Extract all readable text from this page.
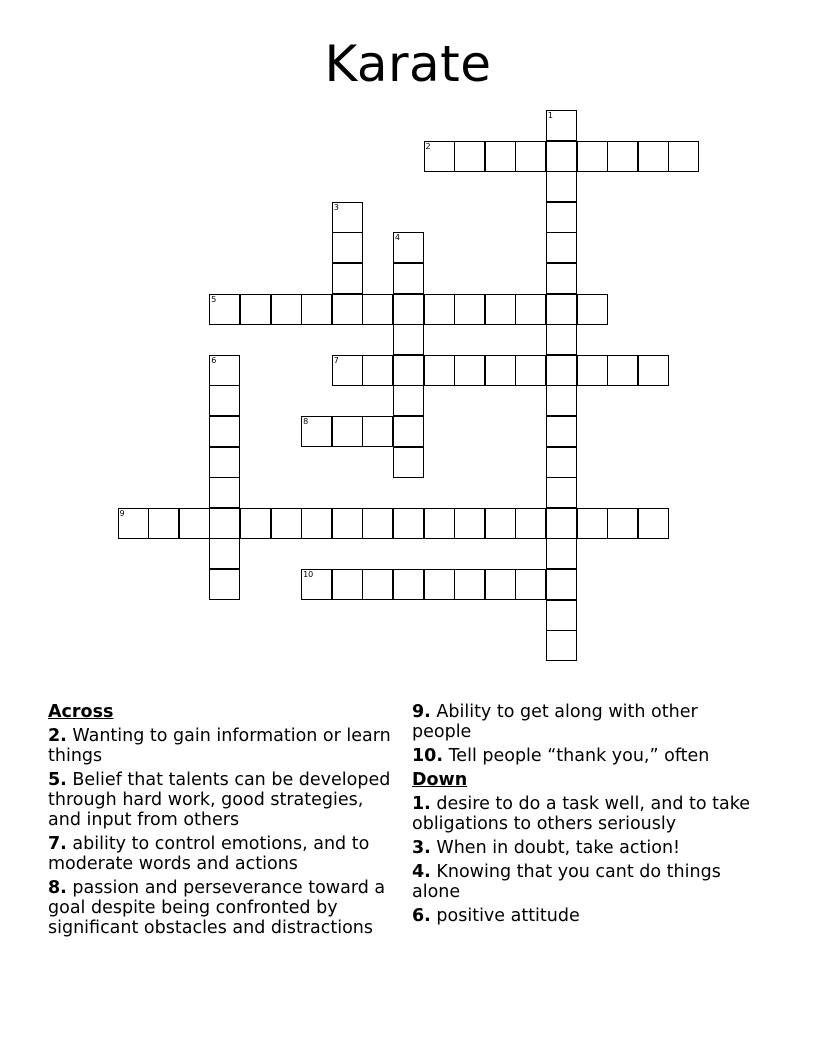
Karate
1
2
3
4
5
6	7
8
9
10
Across
2. Wanting to gain information or learn things
5. Belief that talents can be developed through hard work, good strategies, and input from others
7. ability to control emotions, and to moderate words and actions
8. passion and perseverance toward a goal despite being confronted by significant obstacles and distractions
9. Ability to get along with other people
10. Tell people “thank you,” often
Down
1. desire to do a task well, and to take obligations to others seriously
3. When in doubt, take action!
4. Knowing that you cant do things alone
6. positive attitude
